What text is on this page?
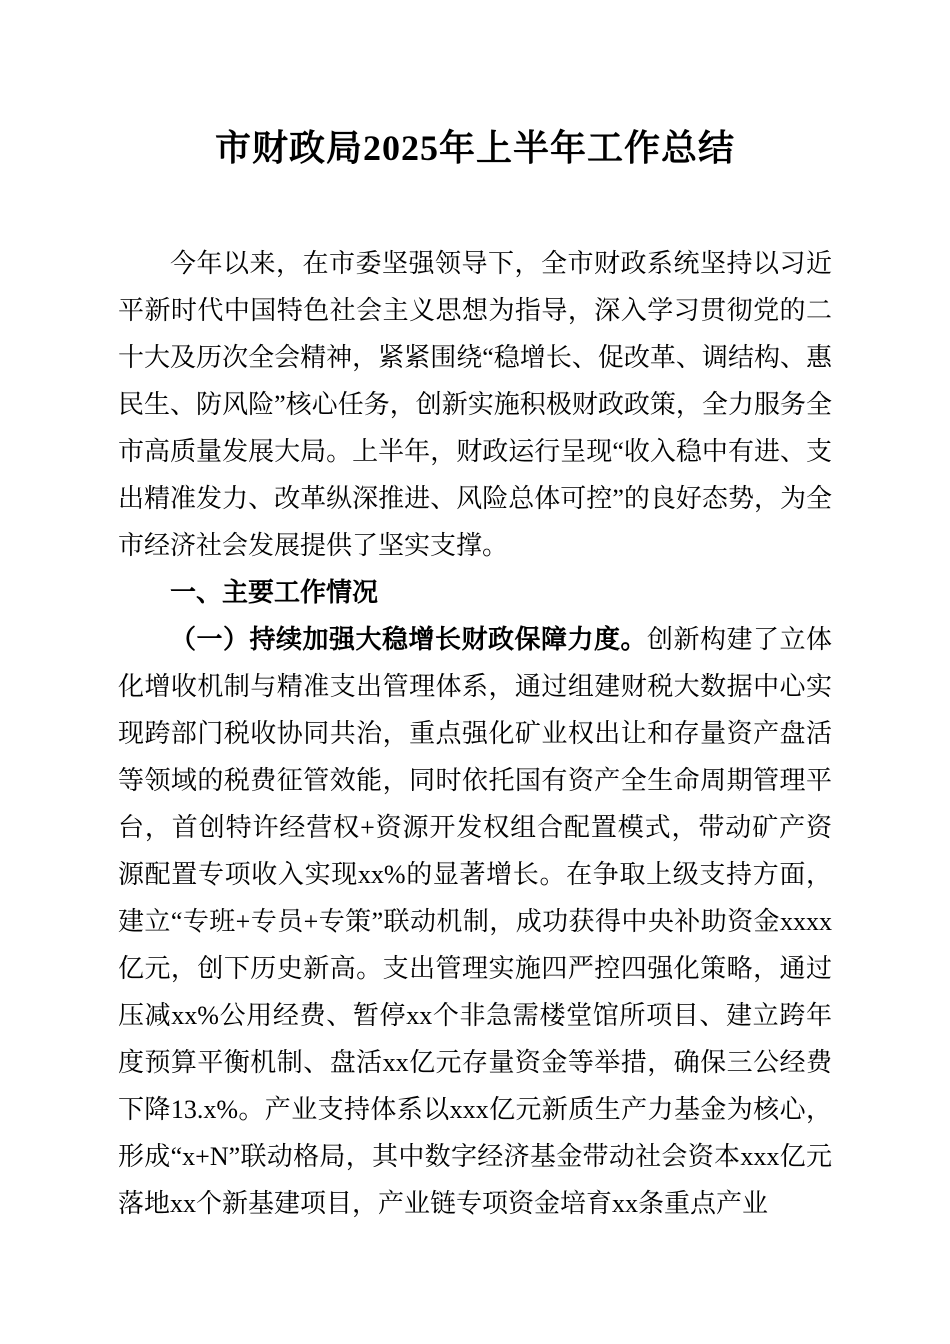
市财政局2025年上半年工作总结

今年以来，在市委坚强领导下，全市财政系统坚持以习近平新时代中国特色社会主义思想为指导，深入学习贯彻党的二十大及历次全会精神，紧紧围绕“稳增长、促改革、调结构、惠民生、防风险”核心任务，创新实施积极财政政策，全力服务全市高质量发展大局。上半年，财政运行呈现“收入稳中有进、支出精准发力、改革纵深推进、风险总体可控”的良好态势，为全市经济社会发展提供了坚实支撑。

一、主要工作情况

（一）持续加强大稳增长财政保障力度。创新构建了立体化增收机制与精准支出管理体系，通过组建财税大数据中心实现跨部门税收协同共治，重点强化矿业权出让和存量资产盘活等领域的税费征管效能，同时依托国有资产全生命周期管理平台，首创特许经营权+资源开发权组合配置模式，带动矿产资源配置专项收入实现xx%的显著增长。在争取上级支持方面，建立“专班+专员+专策”联动机制，成功获得中央补助资金xxxx亿元，创下历史新高。支出管理实施四严控四强化策略，通过压减xx%公用经费、暂停xx个非急需楼堂馆所项目、建立跨年度预算平衡机制、盘活xx亿元存量资金等举措，确保三公经费下降13.x%。产业支持体系以xxx亿元新质生产力基金为核心，形成“x+N”联动格局，其中数字经济基金带动社会资本xxx亿元落地xx个新基建项目，产业链专项资金培育xx条重点产业
